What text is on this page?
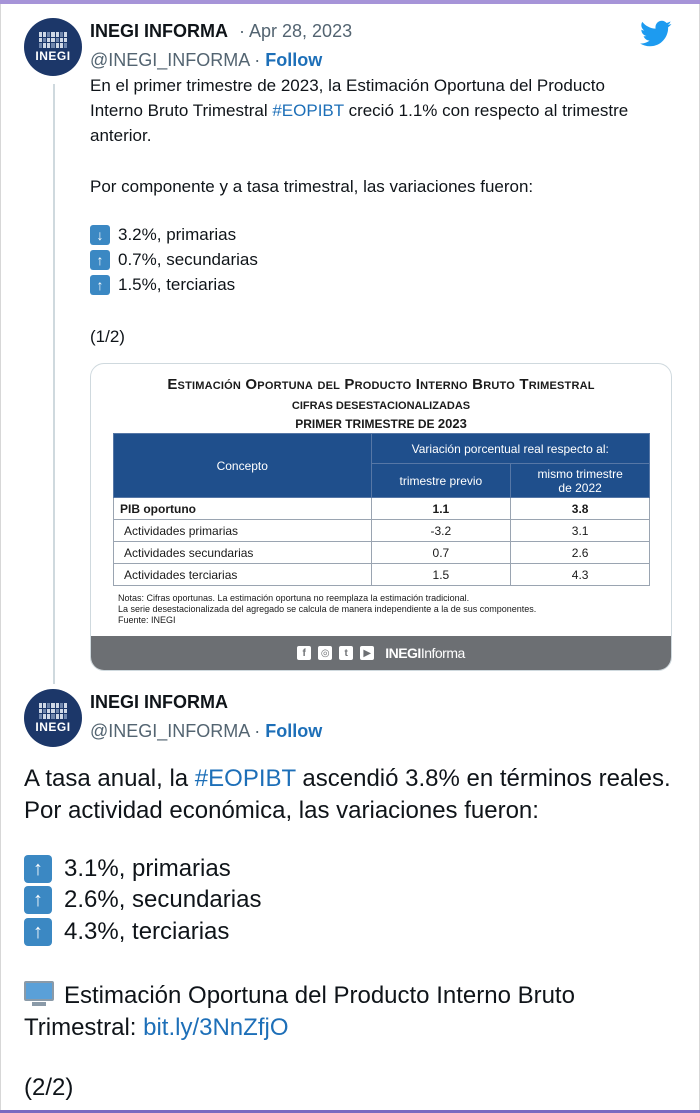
INEGI
INEGI INFORMA · Apr 28, 2023
@INEGI_INFORMA · Follow
En el primer trimestre de 2023, la Estimación Oportuna del Producto
Interno Bruto Trimestral #EOPIBT creció 1.1% con respecto al trimestre
anterior.
Por componente y a tasa trimestral, las variaciones fueron:
↓ 3.2%, primarias
↑ 0.7%, secundarias
↑ 1.5%, terciarias
(1/2)
Estimación Oportuna del Producto Interno Bruto Trimestral
CIFRAS DESESTACIONALIZADAS
PRIMER TRIMESTRE DE 2023
Concepto	Variación porcentual real respecto al:	
	trimestre previo	mismo trimestre
de 2022
PIB oportuno	1.1	3.8
Actividades primarias	-3.2	3.1
Actividades secundarias	0.7	2.6
Actividades terciarias	1.5	4.3
Notas: Cifras oportunas. La estimación oportuna no reemplaza la estimación tradicional.
La serie desestacionalizada del agregado se calcula de manera independiente a la de sus componentes.
Fuente: INEGI
f	◎	t	▶ INEGIInforma
INEGI
INEGI INFORMA
@INEGI_INFORMA · Follow
A tasa anual, la #EOPIBT ascendió 3.8% en términos reales.
Por actividad económica, las variaciones fueron:
↑ 3.1%, primarias
↑ 2.6%, secundarias
↑ 4.3%, terciarias
Estimación Oportuna del Producto Interno Bruto
Trimestral: bit.ly/3NnZfjO
(2/2)
